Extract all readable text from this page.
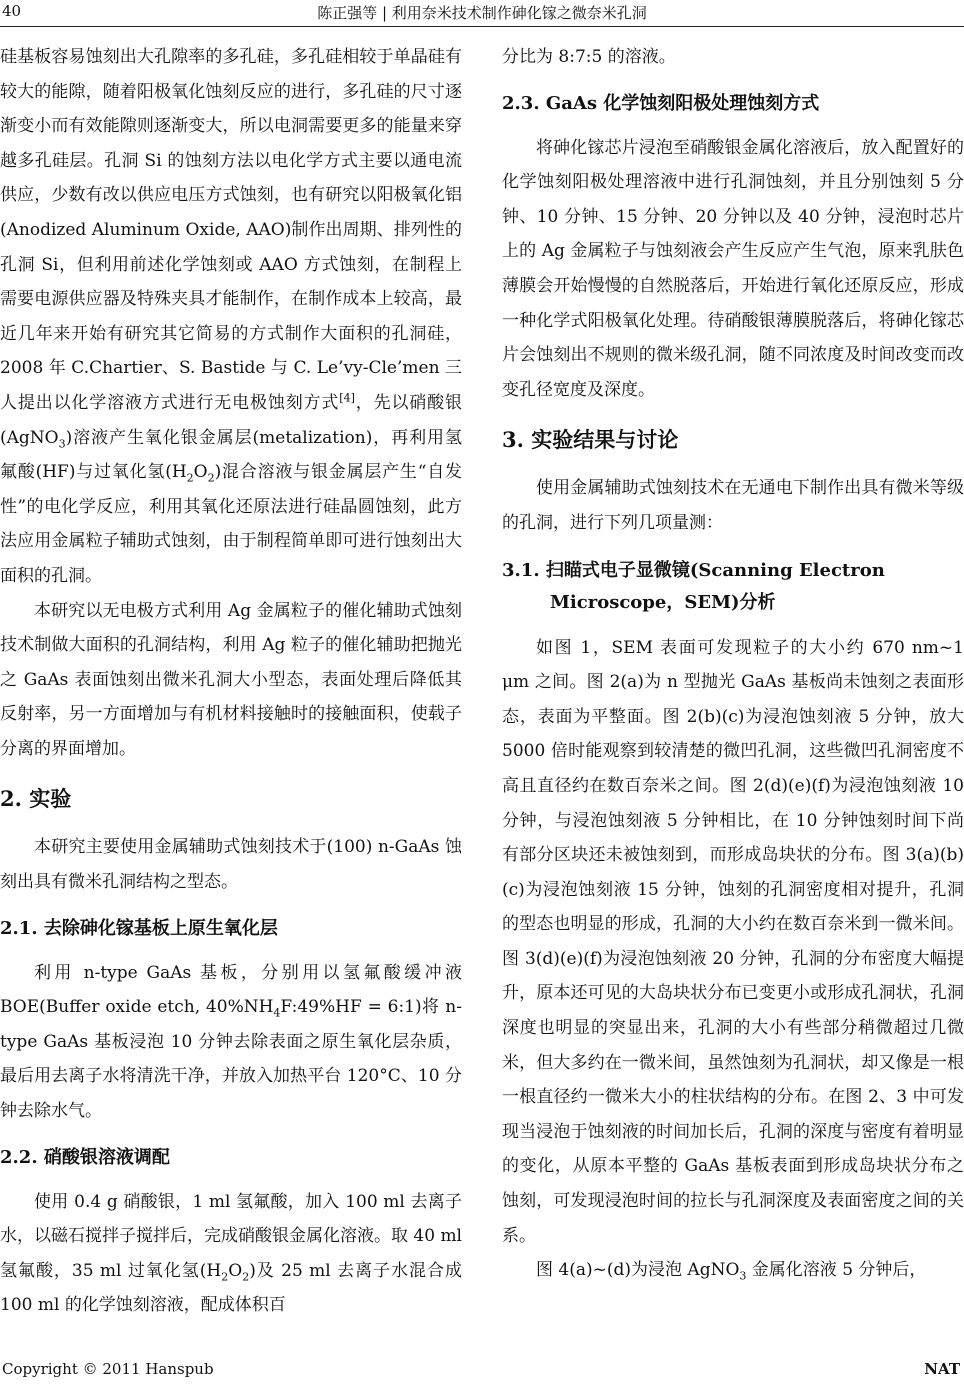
40	陈正强等 | 利用奈米技术制作砷化镓之微奈米孔洞

硅基板容易蚀刻出大孔隙率的多孔硅，多孔硅相较于单晶硅有较大的能隙，随着阳极氧化蚀刻反应的进行，多孔硅的尺寸逐渐变小而有效能隙则逐渐变大，所以电洞需要更多的能量来穿越多孔硅层。孔洞 Si 的蚀刻方法以电化学方式主要以通电流供应，少数有改以供应电压方式蚀刻，也有研究以阳极氧化铝(Anodized Aluminum Oxide, AAO)制作出周期、排列性的孔洞 Si，但利用前述化学蚀刻或 AAO 方式蚀刻，在制程上需要电源供应器及特殊夹具才能制作，在制作成本上较高，最近几年来开始有研究其它简易的方式制作大面积的孔洞硅，2008 年 C.Chartier、S. Bastide 与 C. Le’vy-Cle’men 三人提出以化学溶液方式进行无电极蚀刻方式[4]，先以硝酸银(AgNO$_3$)溶液产生氧化银金属层(metalization)，再利用氢氟酸(HF)与过氧化氢$(H_2O_2)$混合溶液与银金属层产生“自发性”的电化学反应，利用其氧化还原法进行硅晶圆蚀刻，此方法应用金属粒子辅助式蚀刻，由于制程简单即可进行蚀刻出大面积的孔洞。

本研究以无电极方式利用 Ag 金属粒子的催化辅助式蚀刻技术制做大面积的孔洞结构，利用 Ag 粒子的催化辅助把抛光之 GaAs 表面蚀刻出微米孔洞大小型态，表面处理后降低其反射率，另一方面增加与有机材料接触时的接触面积，使载子分离的界面增加。

2. 实验

本研究主要使用金属辅助式蚀刻技术于(100) n-GaAs 蚀刻出具有微米孔洞结构之型态。

2.1. 去除砷化镓基板上原生氧化层

利用 n-type GaAs 基板，分别用以氢氟酸缓冲液 BOE(Buffer oxide etch, $40\%NH_4F:49\%HF$ = 6:1)将 n-type GaAs 基板浸泡 10 分钟去除表面之原生氧化层杂质，最后用去离子水将清洗干净，并放入加热平台 120°C、10 分钟去除水气。

2.2. 硝酸银溶液调配

使用 0.4 g 硝酸银，1 ml 氢氟酸，加入 100 ml 去离子水，以磁石搅拌子搅拌后，完成硝酸银金属化溶液。取 40 ml 氢氟酸，35 ml 过氧化氢$(H_2O_2)$及 25 ml 去离子水混合成 100 ml 的化学蚀刻溶液，配成体积百

分比为 8:7:5 的溶液。

2.3. GaAs 化学蚀刻阳极处理蚀刻方式

将砷化镓芯片浸泡至硝酸银金属化溶液后，放入配置好的化学蚀刻阳极处理溶液中进行孔洞蚀刻，并且分别蚀刻 5 分钟、10 分钟、15 分钟、20 分钟以及 40 分钟，浸泡时芯片上的 Ag 金属粒子与蚀刻液会产生反应产生气泡，原来乳肤色薄膜会开始慢慢的自然脱落后，开始进行氧化还原反应，形成一种化学式阳极氧化处理。待硝酸银薄膜脱落后，将砷化镓芯片会蚀刻出不规则的微米级孔洞，随不同浓度及时间改变而改变孔径宽度及深度。

3. 实验结果与讨论

使用金属辅助式蚀刻技术在无通电下制作出具有微米等级的孔洞，进行下列几项量测：

3.1. 扫瞄式电子显微镜(Scanning Electron Microscope，SEM)分析

如图 1，SEM 表面可发现粒子的大小约 670 nm~1 μm 之间。图 2(a)为 n 型抛光 GaAs 基板尚未蚀刻之表面形态，表面为平整面。图 2(b)(c)为浸泡蚀刻液 5 分钟，放大 5000 倍时能观察到较清楚的微凹孔洞，这些微凹孔洞密度不高且直径约在数百奈米之间。图 2(d)(e)(f)为浸泡蚀刻液 10 分钟，与浸泡蚀刻液 5 分钟相比，在 10 分钟蚀刻时间下尚有部分区块还未被蚀刻到，而形成岛块状的分布。图 3(a)(b)(c)为浸泡蚀刻液 15 分钟，蚀刻的孔洞密度相对提升，孔洞的型态也明显的形成，孔洞的大小约在数百奈米到一微米间。图 3(d)(e)(f)为浸泡蚀刻液 20 分钟，孔洞的分布密度大幅提升，原本还可见的大岛块状分布已变更小或形成孔洞状，孔洞深度也明显的突显出来，孔洞的大小有些部分稍微超过几微米，但大多约在一微米间，虽然蚀刻为孔洞状，却又像是一根一根直径约一微米大小的柱状结构的分布。在图 2、3 中可发现当浸泡于蚀刻液的时间加长后，孔洞的深度与密度有着明显的变化，从原本平整的 GaAs 基板表面到形成岛块状分布之蚀刻，可发现浸泡时间的拉长与孔洞深度及表面密度之间的关系。

图 4(a)~(d)为浸泡 AgNO$_3$ 金属化溶液 5 分钟后，

Copyright © 2011 Hanspub	NAT
